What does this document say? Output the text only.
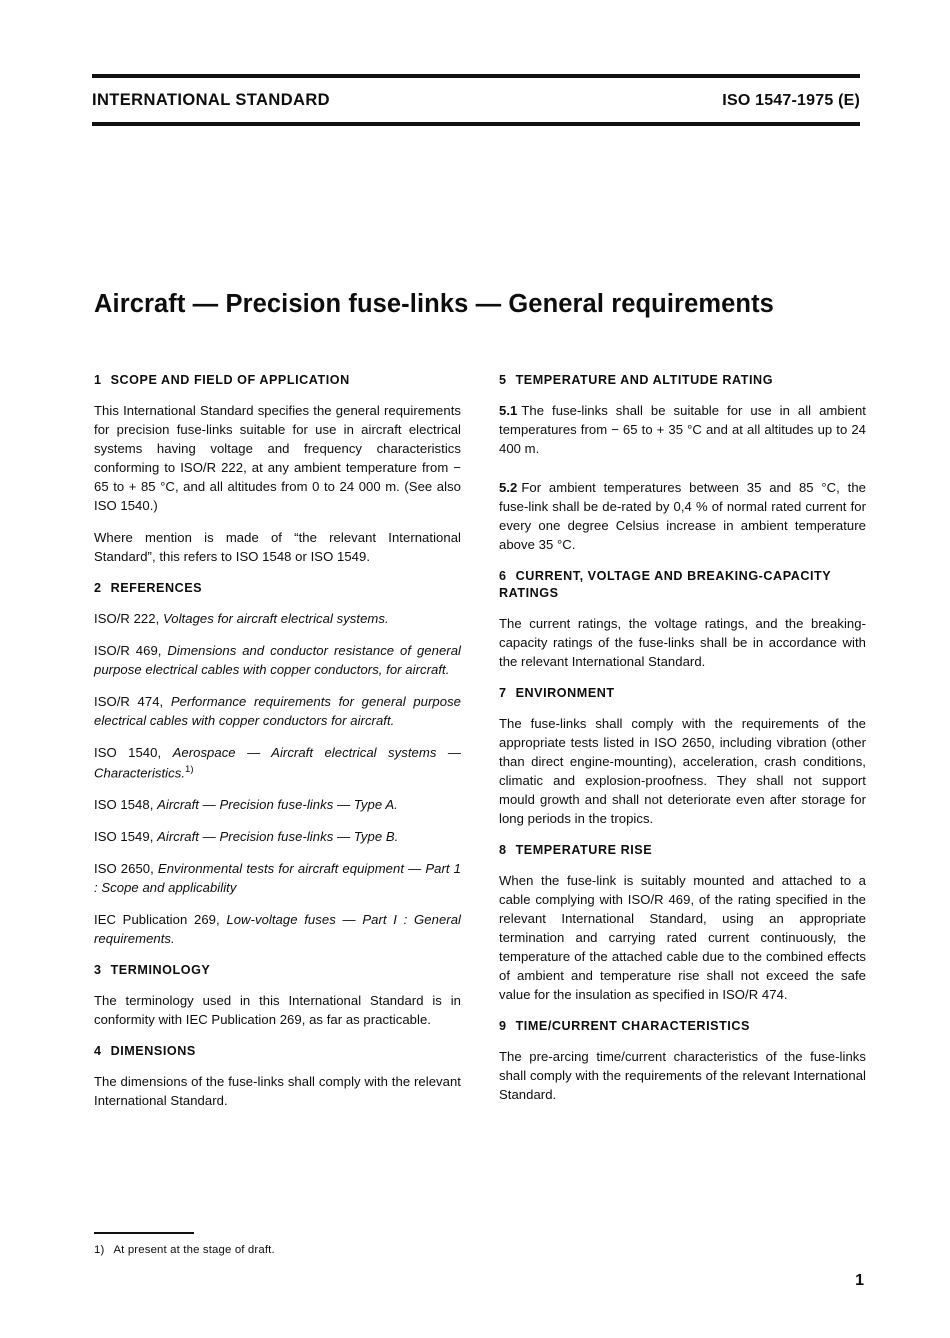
INTERNATIONAL STANDARD	ISO 1547-1975 (E)
Aircraft — Precision fuse-links — General requirements
1 SCOPE AND FIELD OF APPLICATION

This International Standard specifies the general requirements for precision fuse-links suitable for use in aircraft electrical systems having voltage and frequency characteristics conforming to ISO/R 222, at any ambient temperature from − 65 to + 85 °C, and all altitudes from 0 to 24 000 m. (See also ISO 1540.)

Where mention is made of “the relevant International Standard”, this refers to ISO 1548 or ISO 1549.

2 REFERENCES

ISO/R 222, Voltages for aircraft electrical systems.

ISO/R 469, Dimensions and conductor resistance of general purpose electrical cables with copper conductors, for aircraft.

ISO/R 474, Performance requirements for general purpose electrical cables with copper conductors for aircraft.

ISO 1540, Aerospace — Aircraft electrical systems — Characteristics.$^{1)}$

ISO 1548, Aircraft — Precision fuse-links — Type A.

ISO 1549, Aircraft — Precision fuse-links — Type B.

ISO 2650, Environmental tests for aircraft equipment — Part 1 : Scope and applicability

IEC Publication 269, Low-voltage fuses — Part I : General requirements.

3 TERMINOLOGY

The terminology used in this International Standard is in conformity with IEC Publication 269, as far as practicable.

4 DIMENSIONS

The dimensions of the fuse-links shall comply with the relevant International Standard.

5 TEMPERATURE AND ALTITUDE RATING

5.1 The fuse-links shall be suitable for use in all ambient temperatures from − 65 to + 35 °C and at all altitudes up to 24 400 m.

5.2 For ambient temperatures between 35 and 85 °C, the fuse-link shall be de-rated by 0,4 % of normal rated current for every one degree Celsius increase in ambient temperature above 35 °C.

6 CURRENT, VOLTAGE AND BREAKING-CAPACITY RATINGS

The current ratings, the voltage ratings, and the breaking-capacity ratings of the fuse-links shall be in accordance with the relevant International Standard.

7 ENVIRONMENT

The fuse-links shall comply with the requirements of the appropriate tests listed in ISO 2650, including vibration (other than direct engine-mounting), acceleration, crash conditions, climatic and explosion-proofness. They shall not support mould growth and shall not deteriorate even after storage for long periods in the tropics.

8 TEMPERATURE RISE

When the fuse-link is suitably mounted and attached to a cable complying with ISO/R 469, of the rating specified in the relevant International Standard, using an appropriate termination and carrying rated current continuously, the temperature of the attached cable due to the combined effects of ambient and temperature rise shall not exceed the safe value for the insulation as specified in ISO/R 474.

9 TIME/CURRENT CHARACTERISTICS

The pre-arcing time/current characteristics of the fuse-links shall comply with the requirements of the relevant International Standard.

1) At present at the stage of draft.
1
